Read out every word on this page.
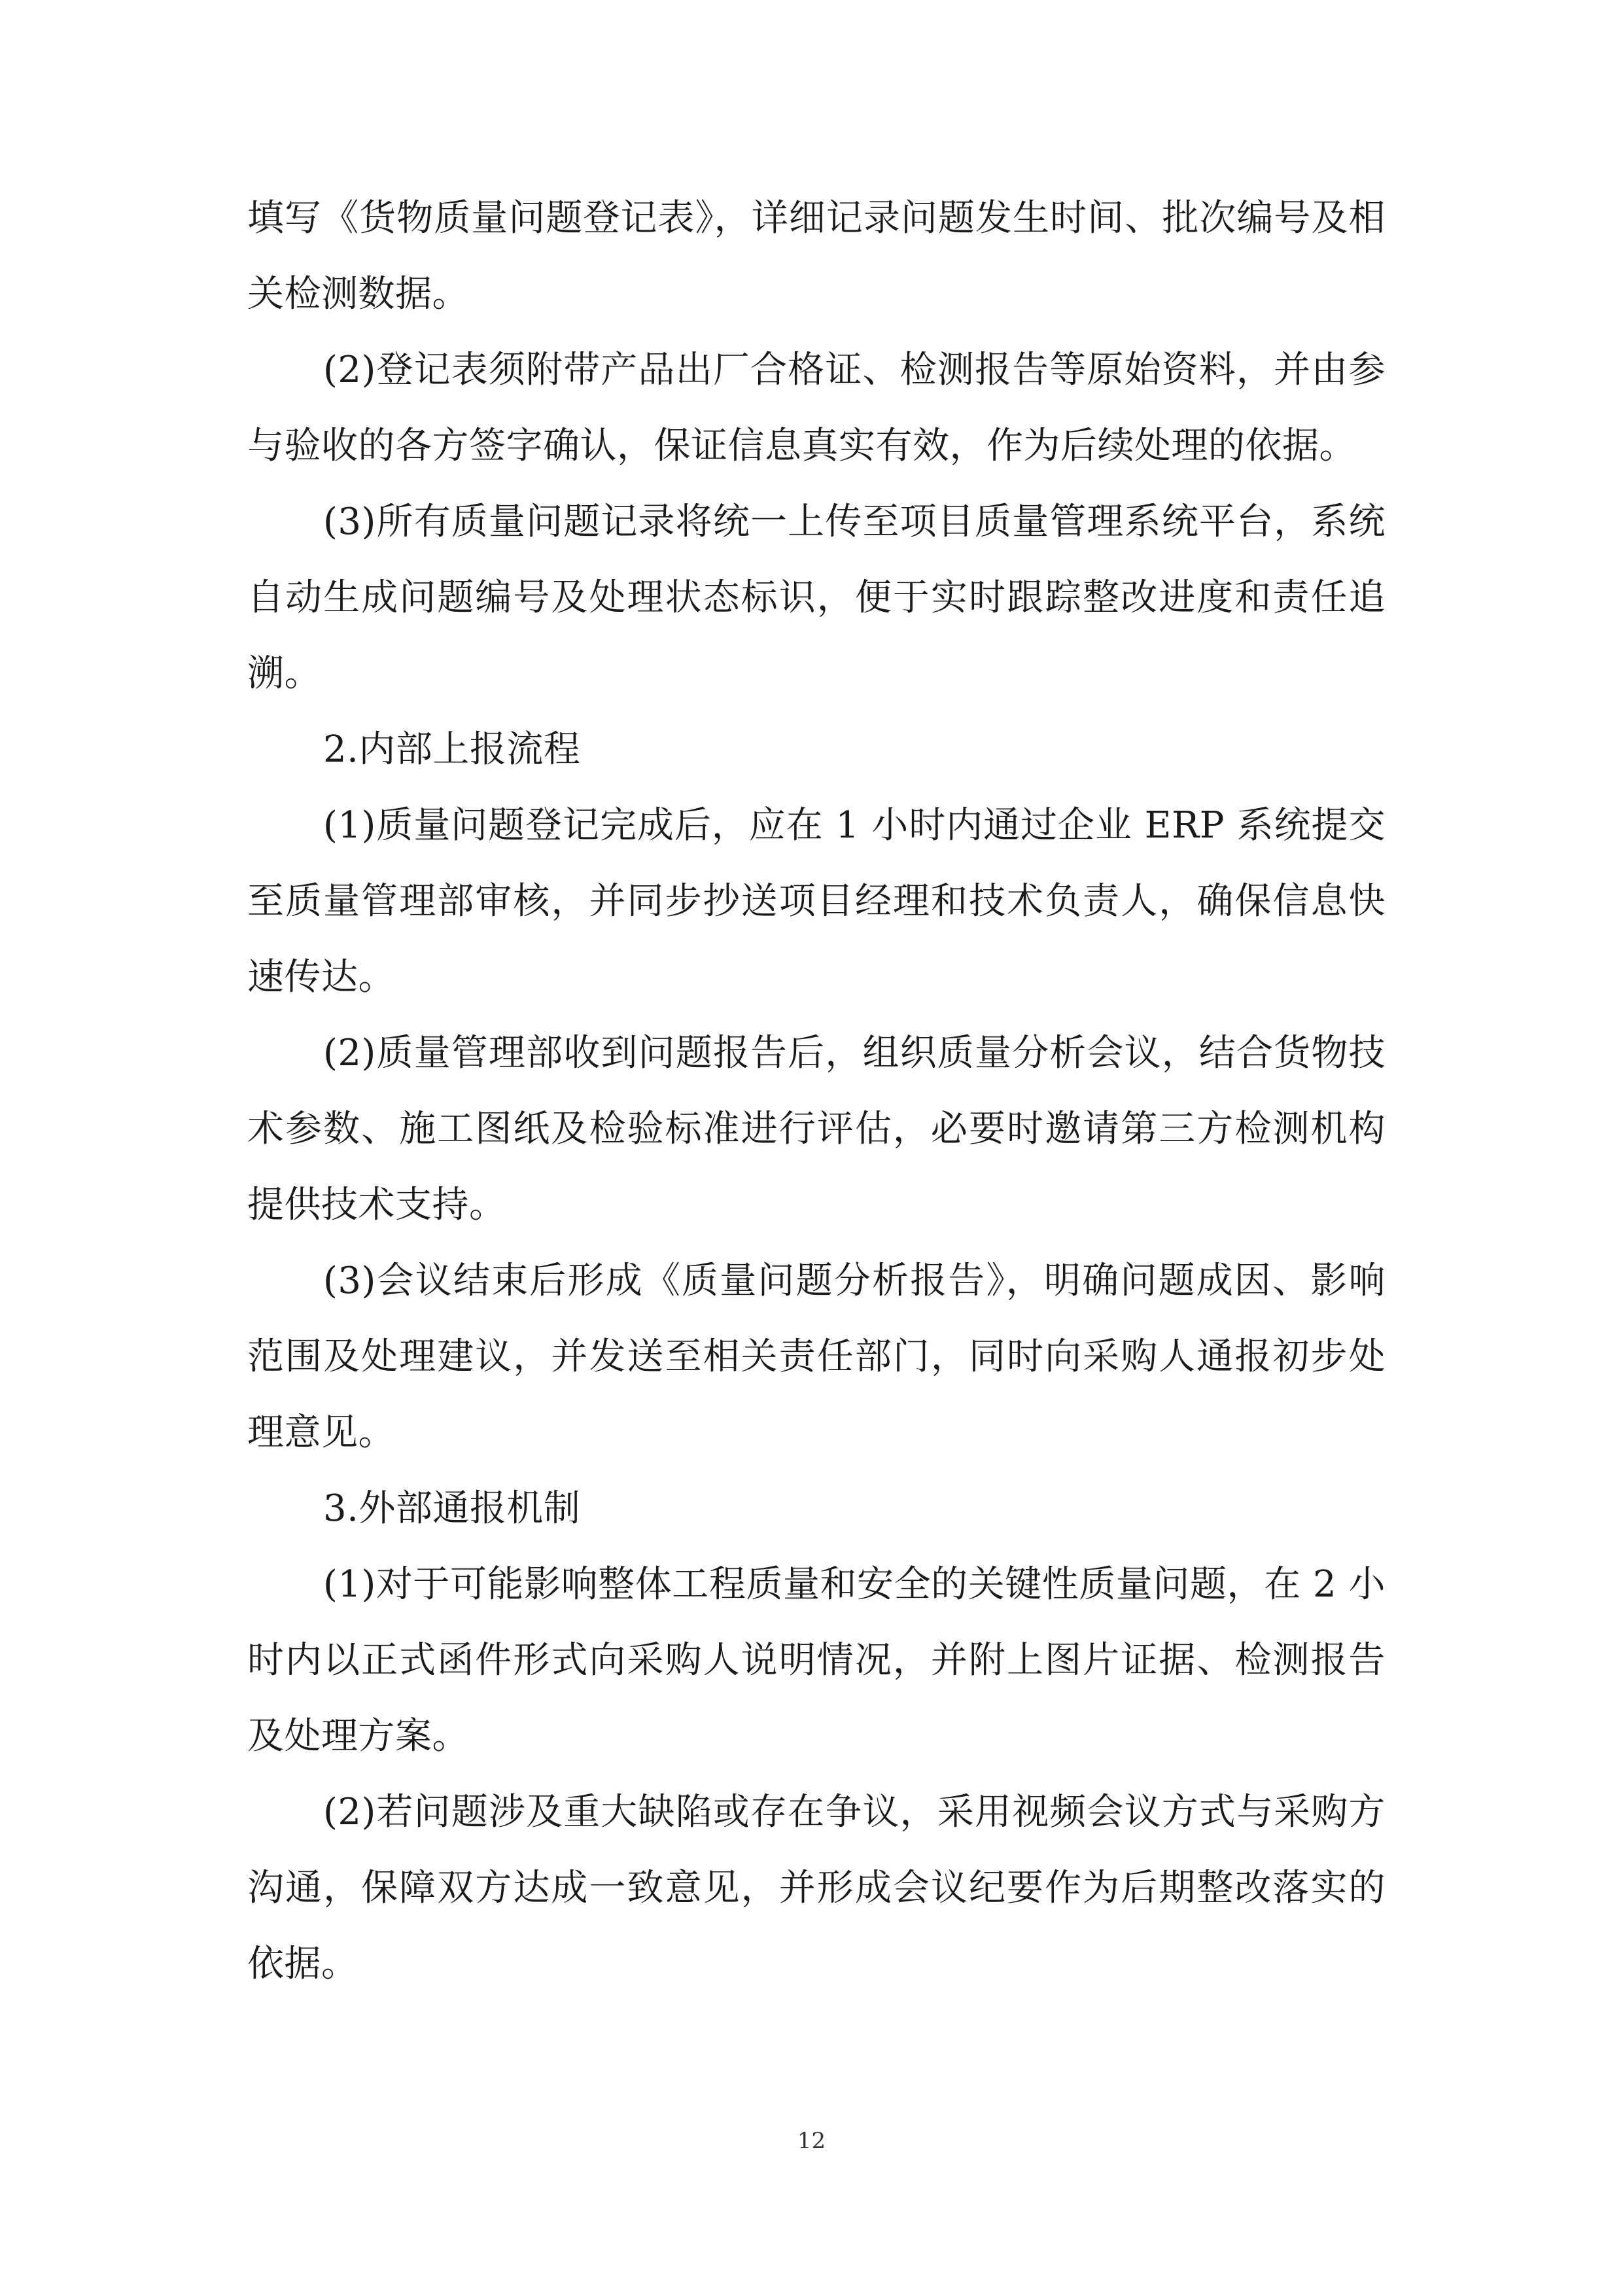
填写《货物质量问题登记表》，详细记录问题发生时间、批次编号及相关检测数据。

(2)登记表须附带产品出厂合格证、检测报告等原始资料，并由参与验收的各方签字确认，保证信息真实有效，作为后续处理的依据。

(3)所有质量问题记录将统一上传至项目质量管理系统平台，系统自动生成问题编号及处理状态标识，便于实时跟踪整改进度和责任追溯。

2.内部上报流程

(1)质量问题登记完成后，应在 1 小时内通过企业 ERP 系统提交至质量管理部审核，并同步抄送项目经理和技术负责人，确保信息快速传达。

(2)质量管理部收到问题报告后，组织质量分析会议，结合货物技术参数、施工图纸及检验标准进行评估，必要时邀请第三方检测机构提供技术支持。

(3)会议结束后形成《质量问题分析报告》，明确问题成因、影响范围及处理建议，并发送至相关责任部门，同时向采购人通报初步处理意见。

3.外部通报机制

(1)对于可能影响整体工程质量和安全的关键性质量问题，在 2 小时内以正式函件形式向采购人说明情况，并附上图片证据、检测报告及处理方案。

(2)若问题涉及重大缺陷或存在争议，采用视频会议方式与采购方沟通，保障双方达成一致意见，并形成会议纪要作为后期整改落实的依据。

12
